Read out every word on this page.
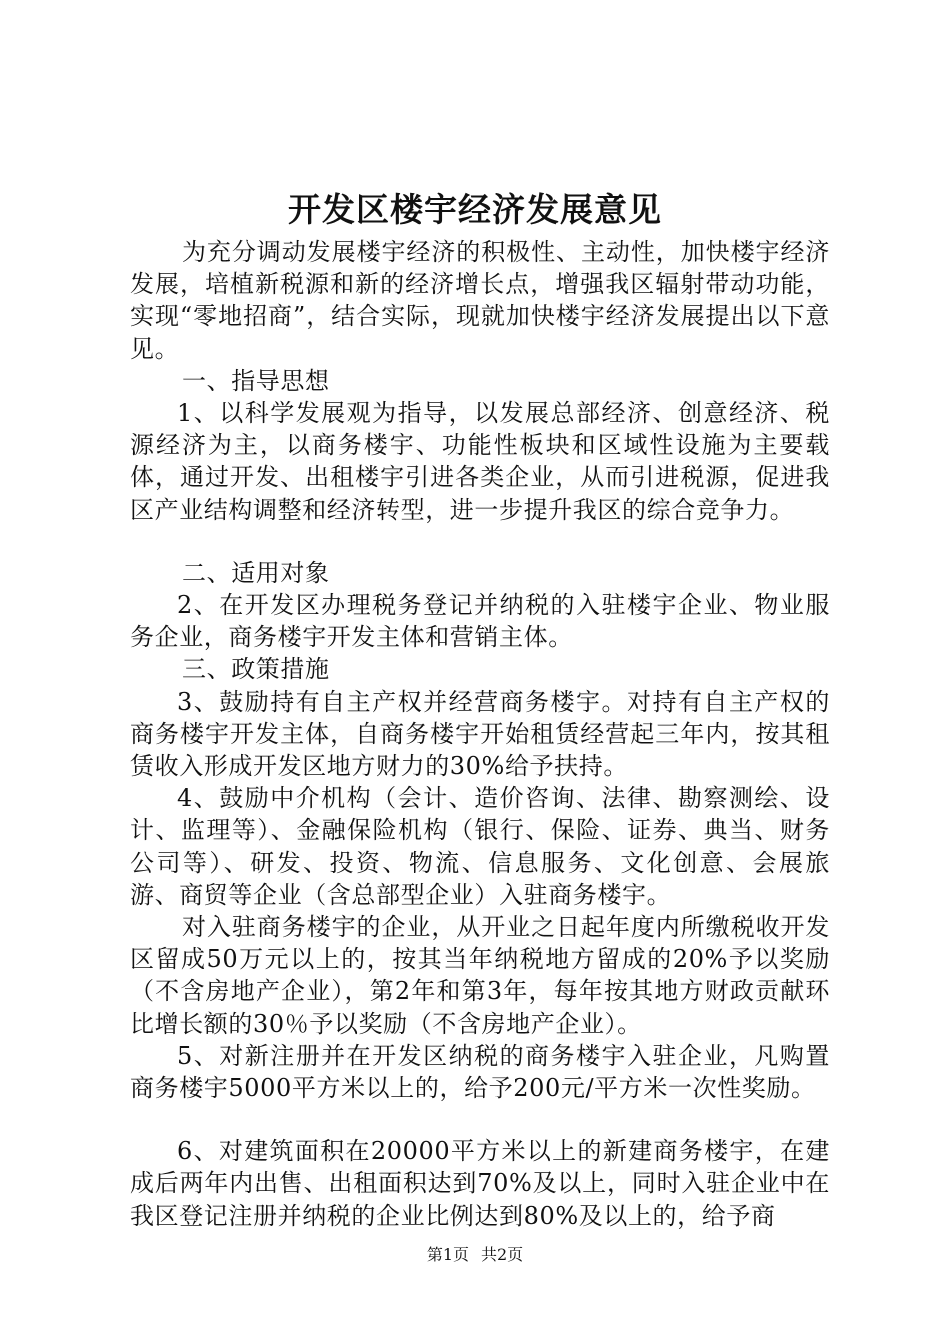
开发区楼宇经济发展意见

为充分调动发展楼宇经济的积极性、主动性，加快楼宇经济发展，培植新税源和新的经济增长点，增强我区辐射带动功能，实现“零地招商”，结合实际，现就加快楼宇经济发展提出以下意见。

一、指导思想

1、以科学发展观为指导，以发展总部经济、创意经济、税源经济为主，以商务楼宇、功能性板块和区域性设施为主要载体，通过开发、出租楼宇引进各类企业，从而引进税源，促进我区产业结构调整和经济转型，进一步提升我区的综合竞争力。

二、适用对象

2、在开发区办理税务登记并纳税的入驻楼宇企业、物业服务企业，商务楼宇开发主体和营销主体。

三、政策措施

3、鼓励持有自主产权并经营商务楼宇。对持有自主产权的商务楼宇开发主体，自商务楼宇开始租赁经营起三年内，按其租赁收入形成开发区地方财力的30%给予扶持。

4、鼓励中介机构（会计、造价咨询、法律、勘察测绘、设计、监理等）、金融保险机构（银行、保险、证券、典当、财务公司等）、研发、投资、物流、信息服务、文化创意、会展旅游、商贸等企业（含总部型企业）入驻商务楼宇。

对入驻商务楼宇的企业，从开业之日起年度内所缴税收开发区留成50万元以上的，按其当年纳税地方留成的20%予以奖励（不含房地产企业），第2年和第3年，每年按其地方财政贡献环比增长额的30％予以奖励（不含房地产企业）。

5、对新注册并在开发区纳税的商务楼宇入驻企业，凡购置商务楼宇5000平方米以上的，给予200元/平方米一次性奖励。

6、对建筑面积在20000平方米以上的新建商务楼宇，在建成后两年内出售、出租面积达到70%及以上，同时入驻企业中在我区登记注册并纳税的企业比例达到80%及以上的，给予商

第1页 共2页
